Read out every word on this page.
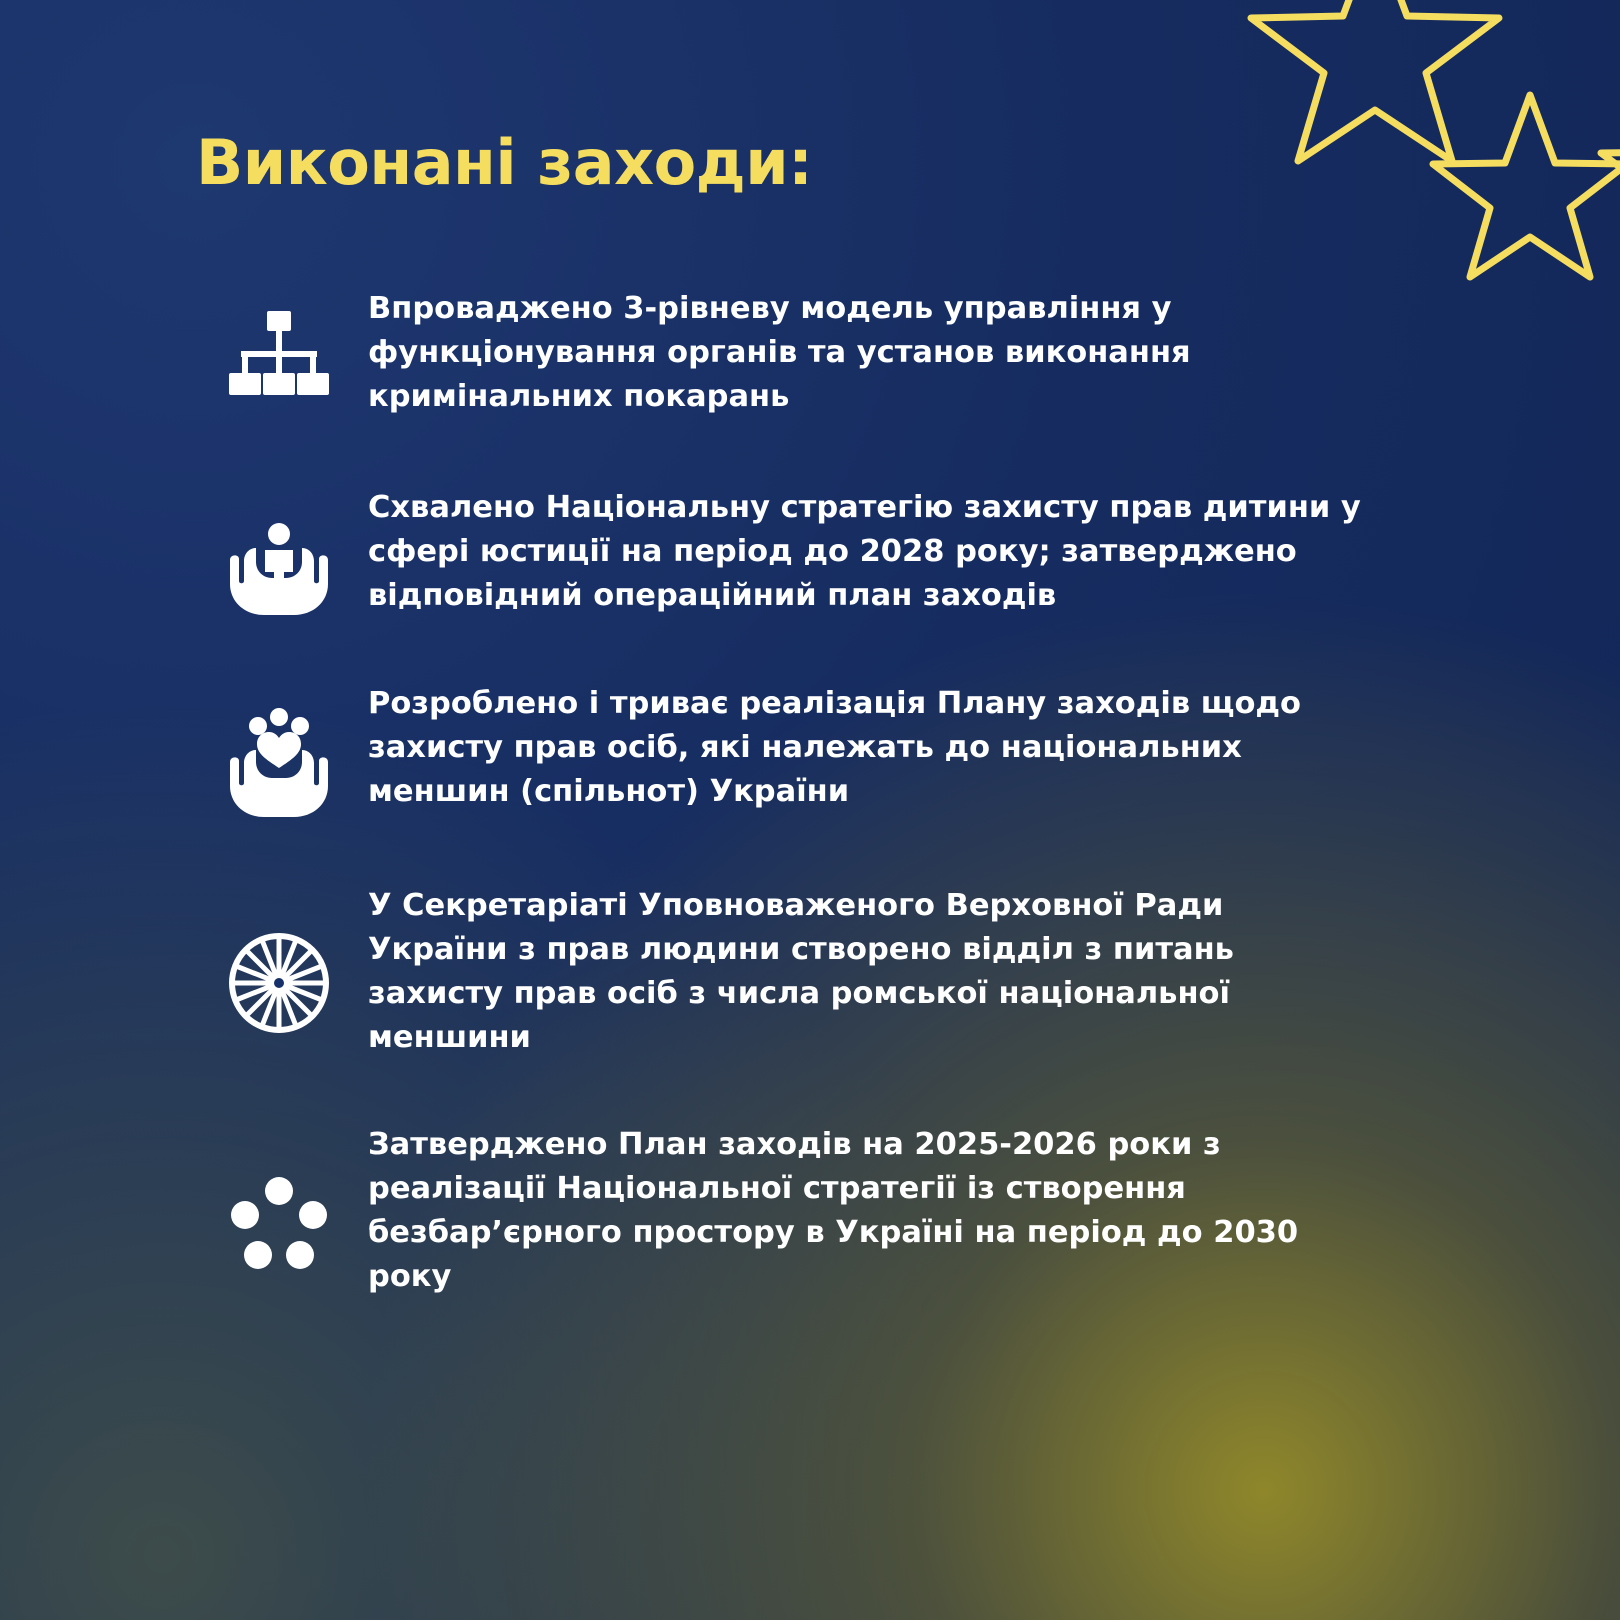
Виконані заходи:
Впроваджено 3-рівневу модель управління у функціонування органів та установ виконання кримінальних покарань
Схвалено Національну стратегію захисту прав дитини у сфері юстиції на період до 2028 року; затверджено відповідний операційний план заходів
Розроблено і триває реалізація Плану заходів щодо захисту прав осіб, які належать до національних меншин (спільнот) України
У Секретаріаті Уповноваженого Верховної Ради України з прав людини створено відділ з питань захисту прав осіб з числа ромської національної меншини
Затверджено План заходів на 2025-2026 роки з реалізації Національної стратегії із створення безбар’єрного простору в Україні на період до 2030 року
